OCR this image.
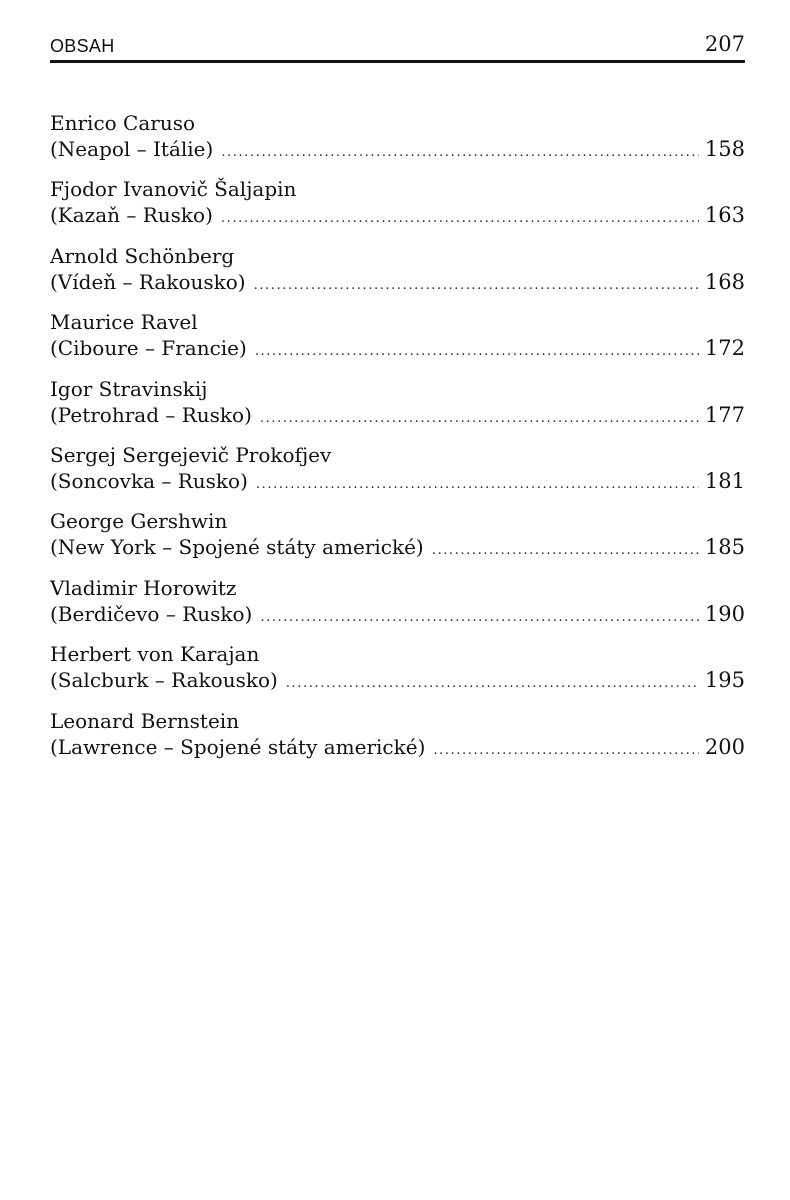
OBSAH	207
Enrico Caruso
(Neapol – Itálie) .....	158
Fjodor Ivanovič Šaljapin
(Kazaň – Rusko) .....	163
Arnold Schönberg
(Vídeň – Rakousko) .....	168
Maurice Ravel
(Ciboure – Francie) .....	172
Igor Stravinskij
(Petrohrad – Rusko) .....	177
Sergej Sergejevič Prokofjev
(Soncovka – Rusko) .....	181
George Gershwin
(New York – Spojené státy americké) .....	185
Vladimir Horowitz
(Berdičevo – Rusko) .....	190
Herbert von Karajan
(Salcburk – Rakousko) .....	195
Leonard Bernstein
(Lawrence – Spojené státy americké) .....	200
